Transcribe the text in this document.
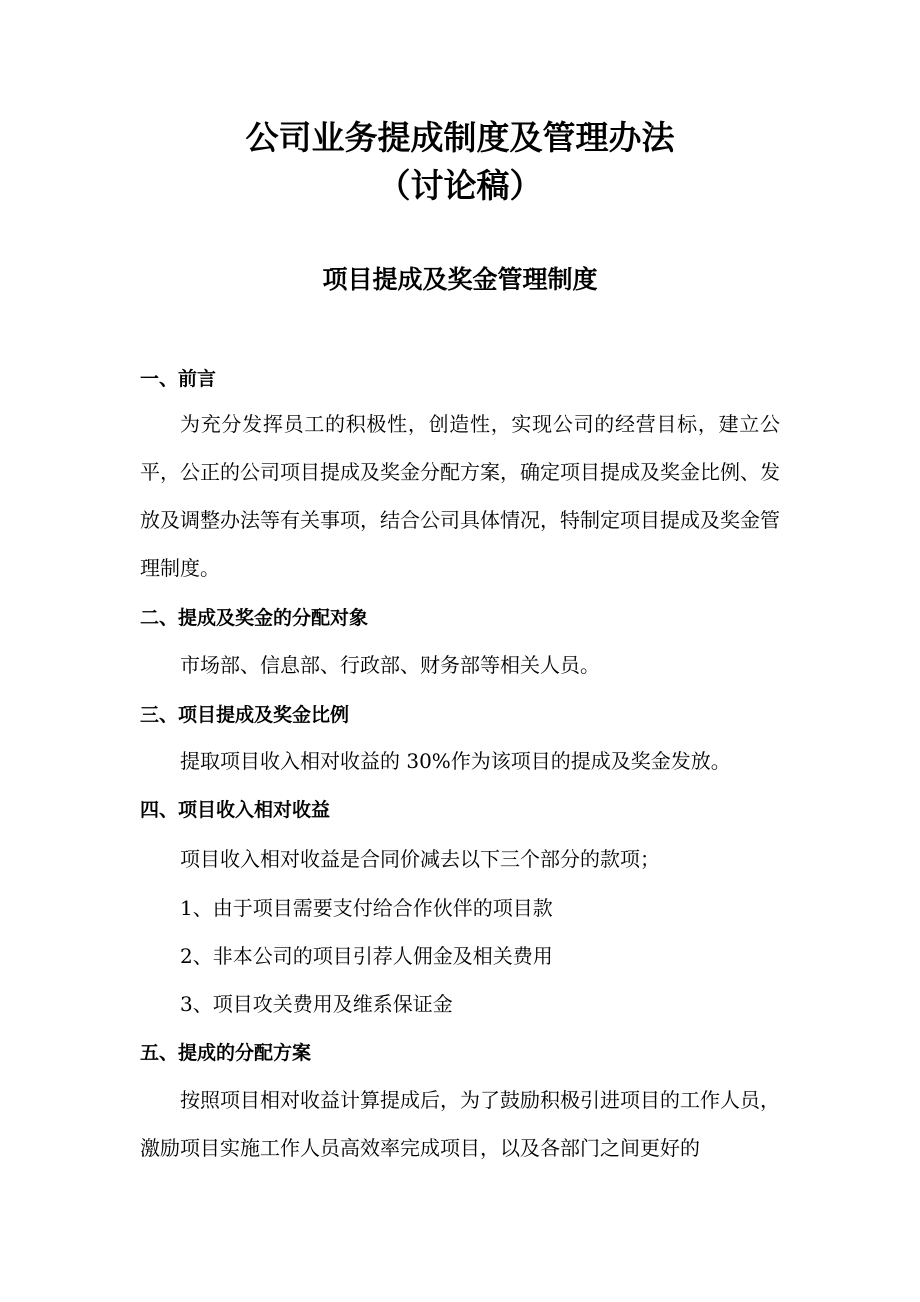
公司业务提成制度及管理办法
（讨论稿）
项目提成及奖金管理制度
一、前言

为充分发挥员工的积极性，创造性，实现公司的经营目标，建立公平，公正的公司项目提成及奖金分配方案，确定项目提成及奖金比例、发放及调整办法等有关事项，结合公司具体情况，特制定项目提成及奖金管理制度。

二、提成及奖金的分配对象
市场部、信息部、行政部、财务部等相关人员。
三、项目提成及奖金比例
提取项目收入相对收益的 30%作为该项目的提成及奖金发放。
四、项目收入相对收益
项目收入相对收益是合同价减去以下三个部分的款项；
1、由于项目需要支付给合作伙伴的项目款
2、非本公司的项目引荐人佣金及相关费用
3、项目攻关费用及维系保证金
五、提成的分配方案

按照项目相对收益计算提成后，为了鼓励积极引进项目的工作人员，激励项目实施工作人员高效率完成项目，以及各部门之间更好的
